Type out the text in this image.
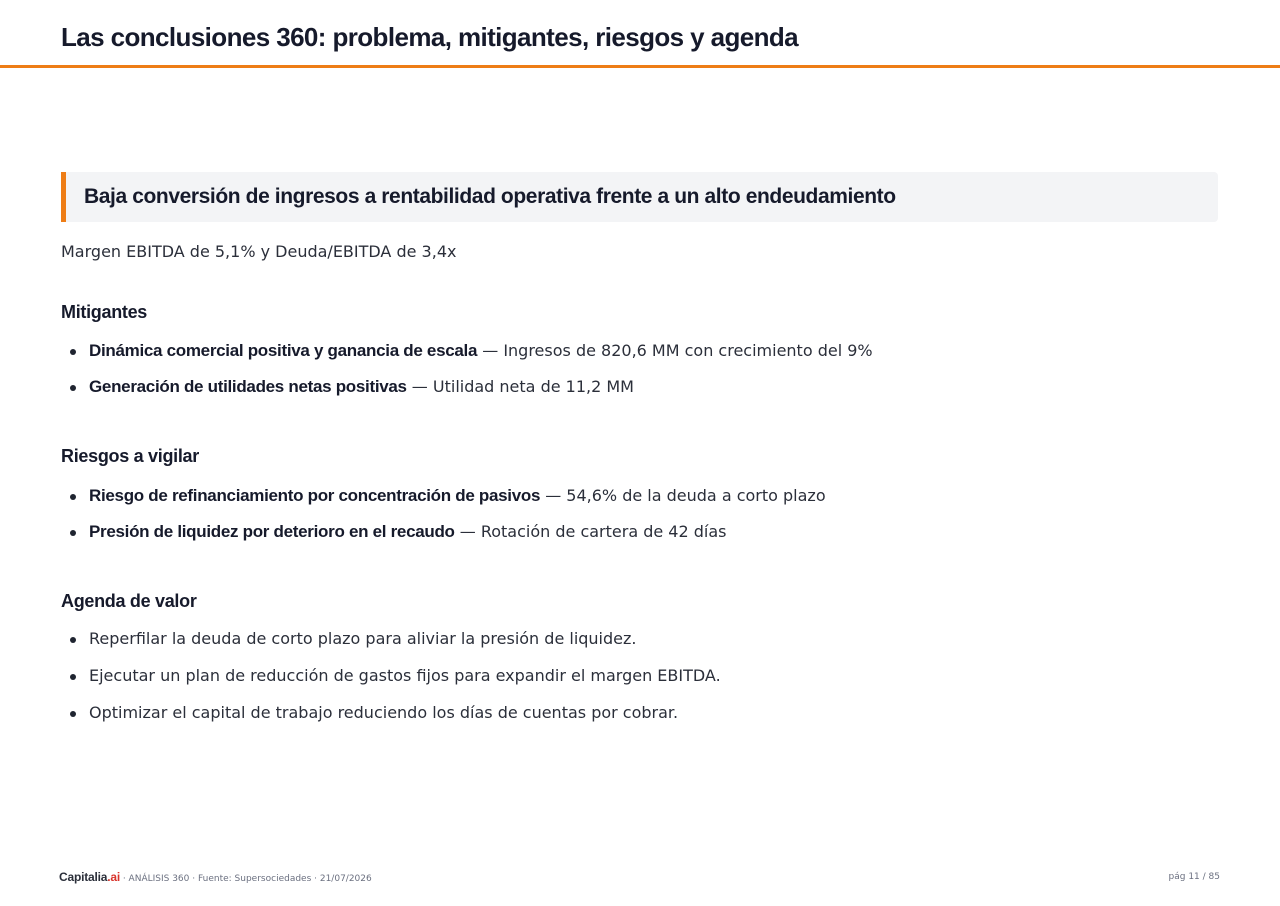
Las conclusiones 360: problema, mitigantes, riesgos y agenda
Baja conversión de ingresos a rentabilidad operativa frente a un alto endeudamiento
Margen EBITDA de 5,1% y Deuda/EBITDA de 3,4x
Mitigantes
Dinámica comercial positiva y ganancia de escala — Ingresos de 820,6 MM con crecimiento del 9%
Generación de utilidades netas positivas — Utilidad neta de 11,2 MM
Riesgos a vigilar
Riesgo de refinanciamiento por concentración de pasivos — 54,6% de la deuda a corto plazo
Presión de liquidez por deterioro en el recaudo — Rotación de cartera de 42 días
Agenda de valor
Reperfilar la deuda de corto plazo para aliviar la presión de liquidez.
Ejecutar un plan de reducción de gastos fijos para expandir el margen EBITDA.
Optimizar el capital de trabajo reduciendo los días de cuentas por cobrar.
Capitalia.ai · ANÁLISIS 360 · Fuente: Supersociedades · 21/07/2026	pág 11 / 85
